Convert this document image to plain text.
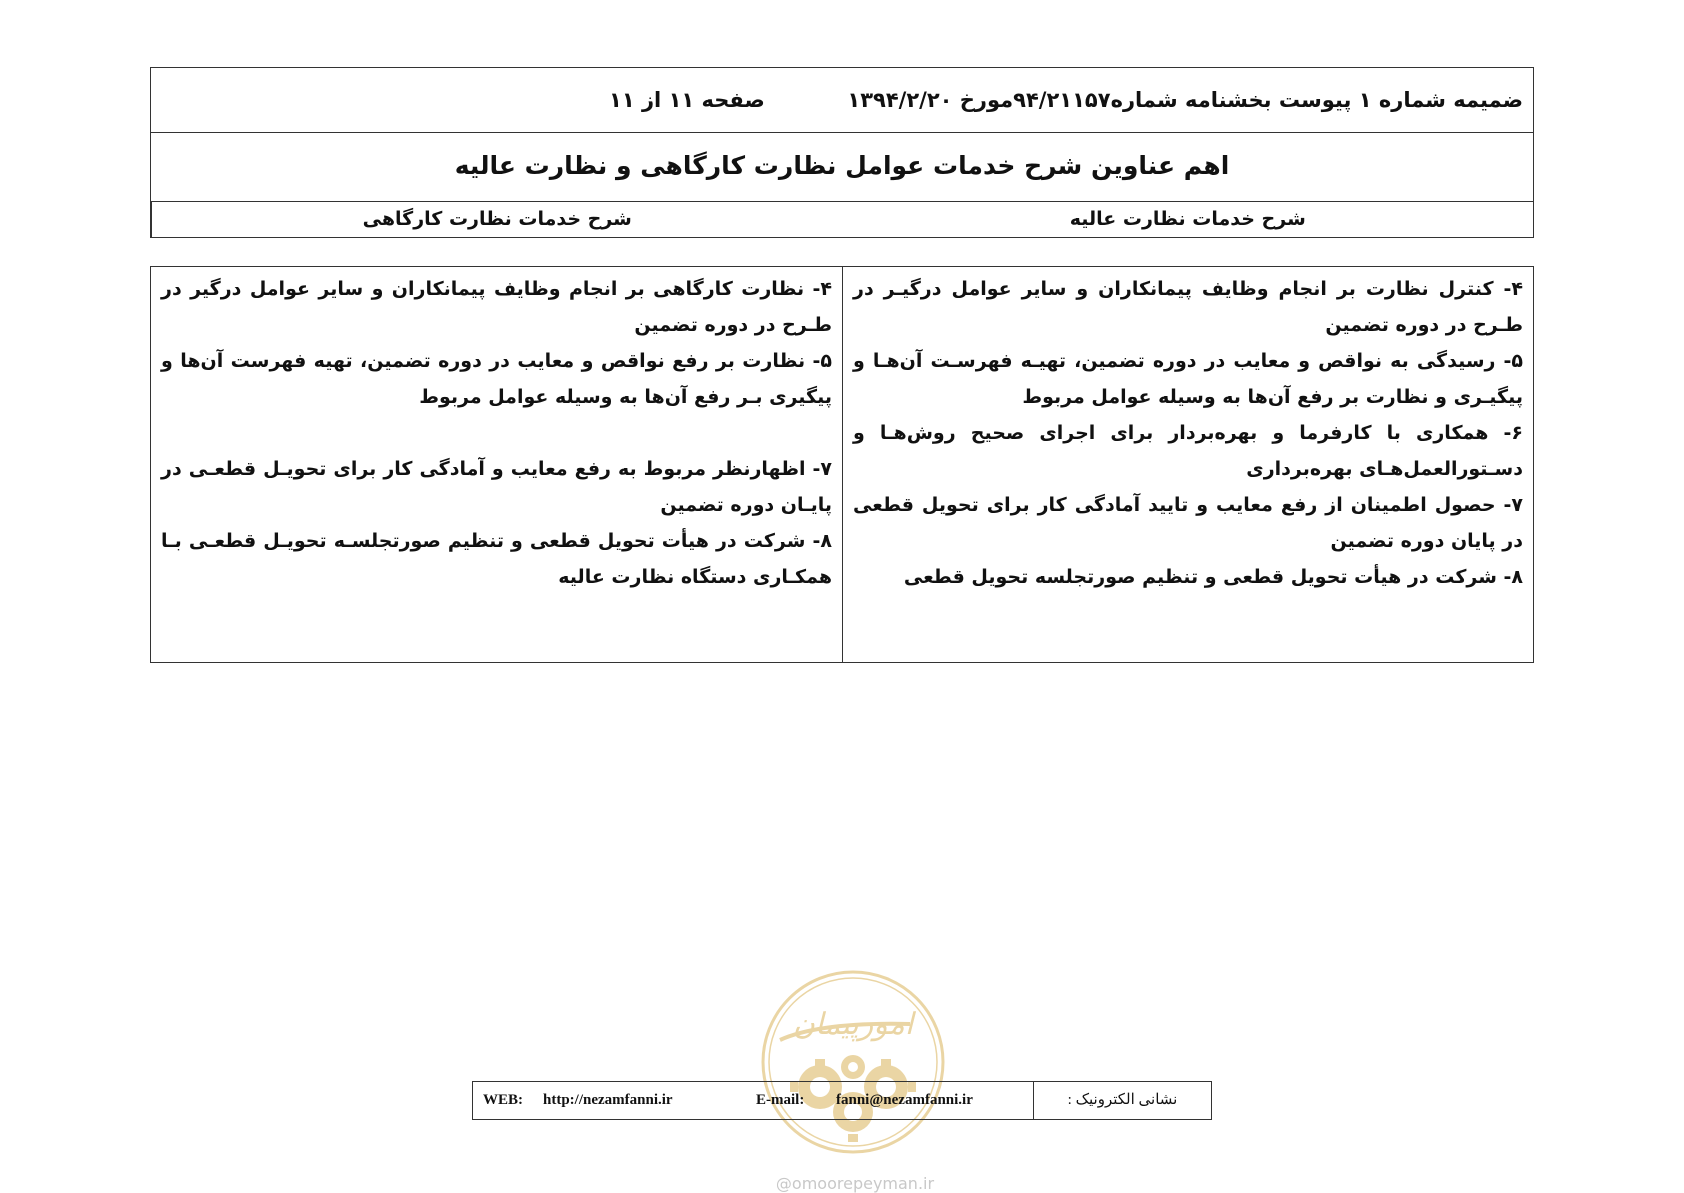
ضمیمه شماره ۱ پیوست بخشنامه شماره۹۴/۲۱۱۵۷مورخ ۱۳۹۴/۲/۲۰
صفحه ۱۱ از ۱۱
اهم عناوین شرح خدمات عوامل نظارت کارگاهی و نظارت عالیه
شرح خدمات نظارت کارگاهی	شرح خدمات نظارت عالیه
۴- نظارت کارگاهی بر انجام وظایف پیمانکاران و سایر عوامل درگیر در طـرح در دوره تضمین
۵- نظارت بر رفع نواقص و معایب در دوره تضمین، تهیه فهرست آن‌ها و پیگیری بـر رفع آن‌ها به وسیله عوامل مربوط
۷- اظهارنظر مربوط به رفع معایب و آمادگی کار برای تحویـل قطعـی در پایـان دوره تضمین
۸- شرکت در هیأت تحویل قطعی و تنظیم صورتجلسـه تحویـل قطعـی بـا همکـاری دستگاه نظارت عالیه
۴- کنترل نظارت بر انجام وظایف پیمانکاران و سایر عوامل درگیـر در طـرح در دوره تضمین
۵- رسیدگی به نواقص و معایب در دوره تضمین، تهیـه فهرسـت آن‌هـا و پیگیـری و نظارت بر رفع آن‌ها به وسیله عوامل مربوط
۶- همکاری با کارفرما و بهره‌بردار برای اجرای صحیح روش‌هـا و دسـتورالعمل‌هـای بهره‌برداری
۷- حصول اطمینان از رفع معایب و تایید آمادگی کار برای تحویل قطعی در پایان دوره تضمین
۸- شرکت در هیأت تحویل قطعی و تنظیم صورتجلسه تحویل قطعی
امورپیمان
@omoorepeyman.ir
WEB: http://nezamfanni.ir	E-mail: fanni@nezamfanni.ir	نشانی الکترونیک :
